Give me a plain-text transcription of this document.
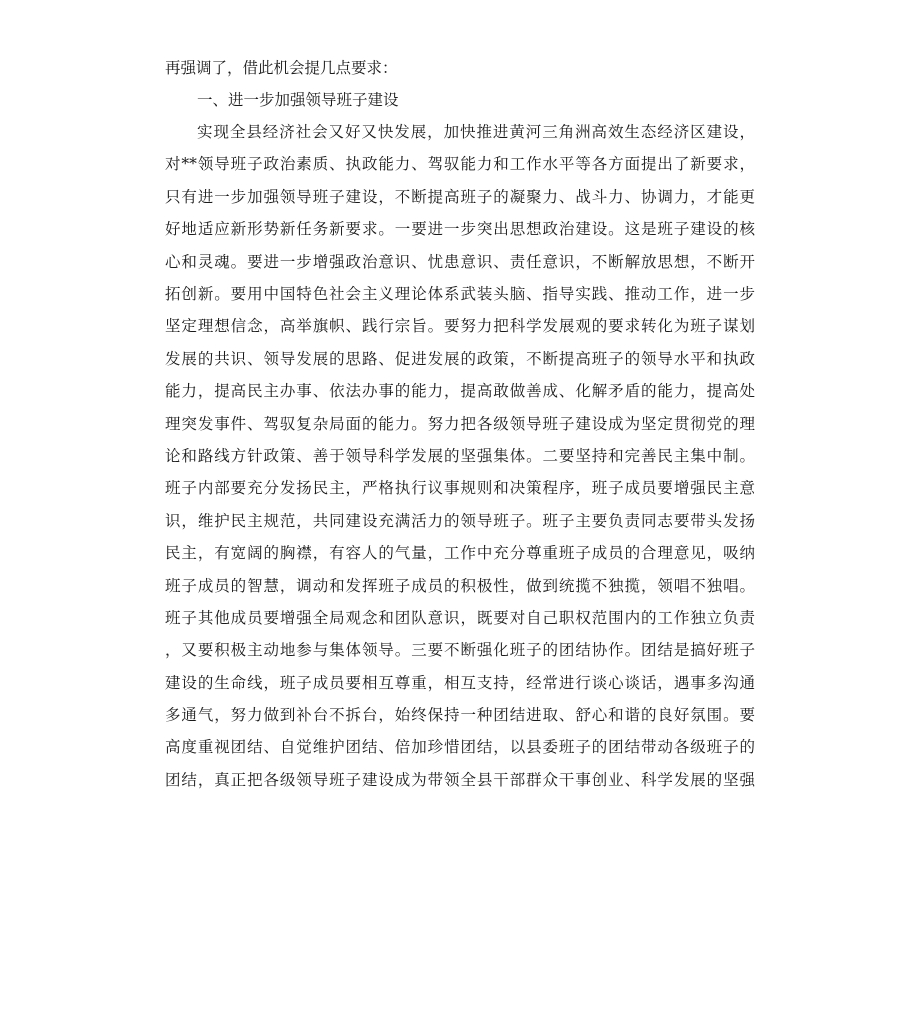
再强调了，借此机会提几点要求：
一、进一步加强领导班子建设
实现全县经济社会又好又快发展，加快推进黄河三角洲高效生态经济区建设，
对**领导班子政治素质、执政能力、驾驭能力和工作水平等各方面提出了新要求，
只有进一步加强领导班子建设，不断提高班子的凝聚力、战斗力、协调力，才能更
好地适应新形势新任务新要求。一要进一步突出思想政治建设。这是班子建设的核
心和灵魂。要进一步增强政治意识、忧患意识、责任意识，不断解放思想，不断开
拓创新。要用中国特色社会主义理论体系武装头脑、指导实践、推动工作，进一步
坚定理想信念，高举旗帜、践行宗旨。要努力把科学发展观的要求转化为班子谋划
发展的共识、领导发展的思路、促进发展的政策，不断提高班子的领导水平和执政
能力，提高民主办事、依法办事的能力，提高敢做善成、化解矛盾的能力，提高处
理突发事件、驾驭复杂局面的能力。努力把各级领导班子建设成为坚定贯彻党的理
论和路线方针政策、善于领导科学发展的坚强集体。二要坚持和完善民主集中制。
班子内部要充分发扬民主，严格执行议事规则和决策程序，班子成员要增强民主意
识，维护民主规范，共同建设充满活力的领导班子。班子主要负责同志要带头发扬
民主，有宽阔的胸襟，有容人的气量，工作中充分尊重班子成员的合理意见，吸纳
班子成员的智慧，调动和发挥班子成员的积极性，做到统揽不独揽，领唱不独唱。
班子其他成员要增强全局观念和团队意识，既要对自己职权范围内的工作独立负责
，又要积极主动地参与集体领导。三要不断强化班子的团结协作。团结是搞好班子
建设的生命线，班子成员要相互尊重，相互支持，经常进行谈心谈话，遇事多沟通
多通气，努力做到补台不拆台，始终保持一种团结进取、舒心和谐的良好氛围。要
高度重视团结、自觉维护团结、倍加珍惜团结，以县委班子的团结带动各级班子的
团结，真正把各级领导班子建设成为带领全县干部群众干事创业、科学发展的坚强
